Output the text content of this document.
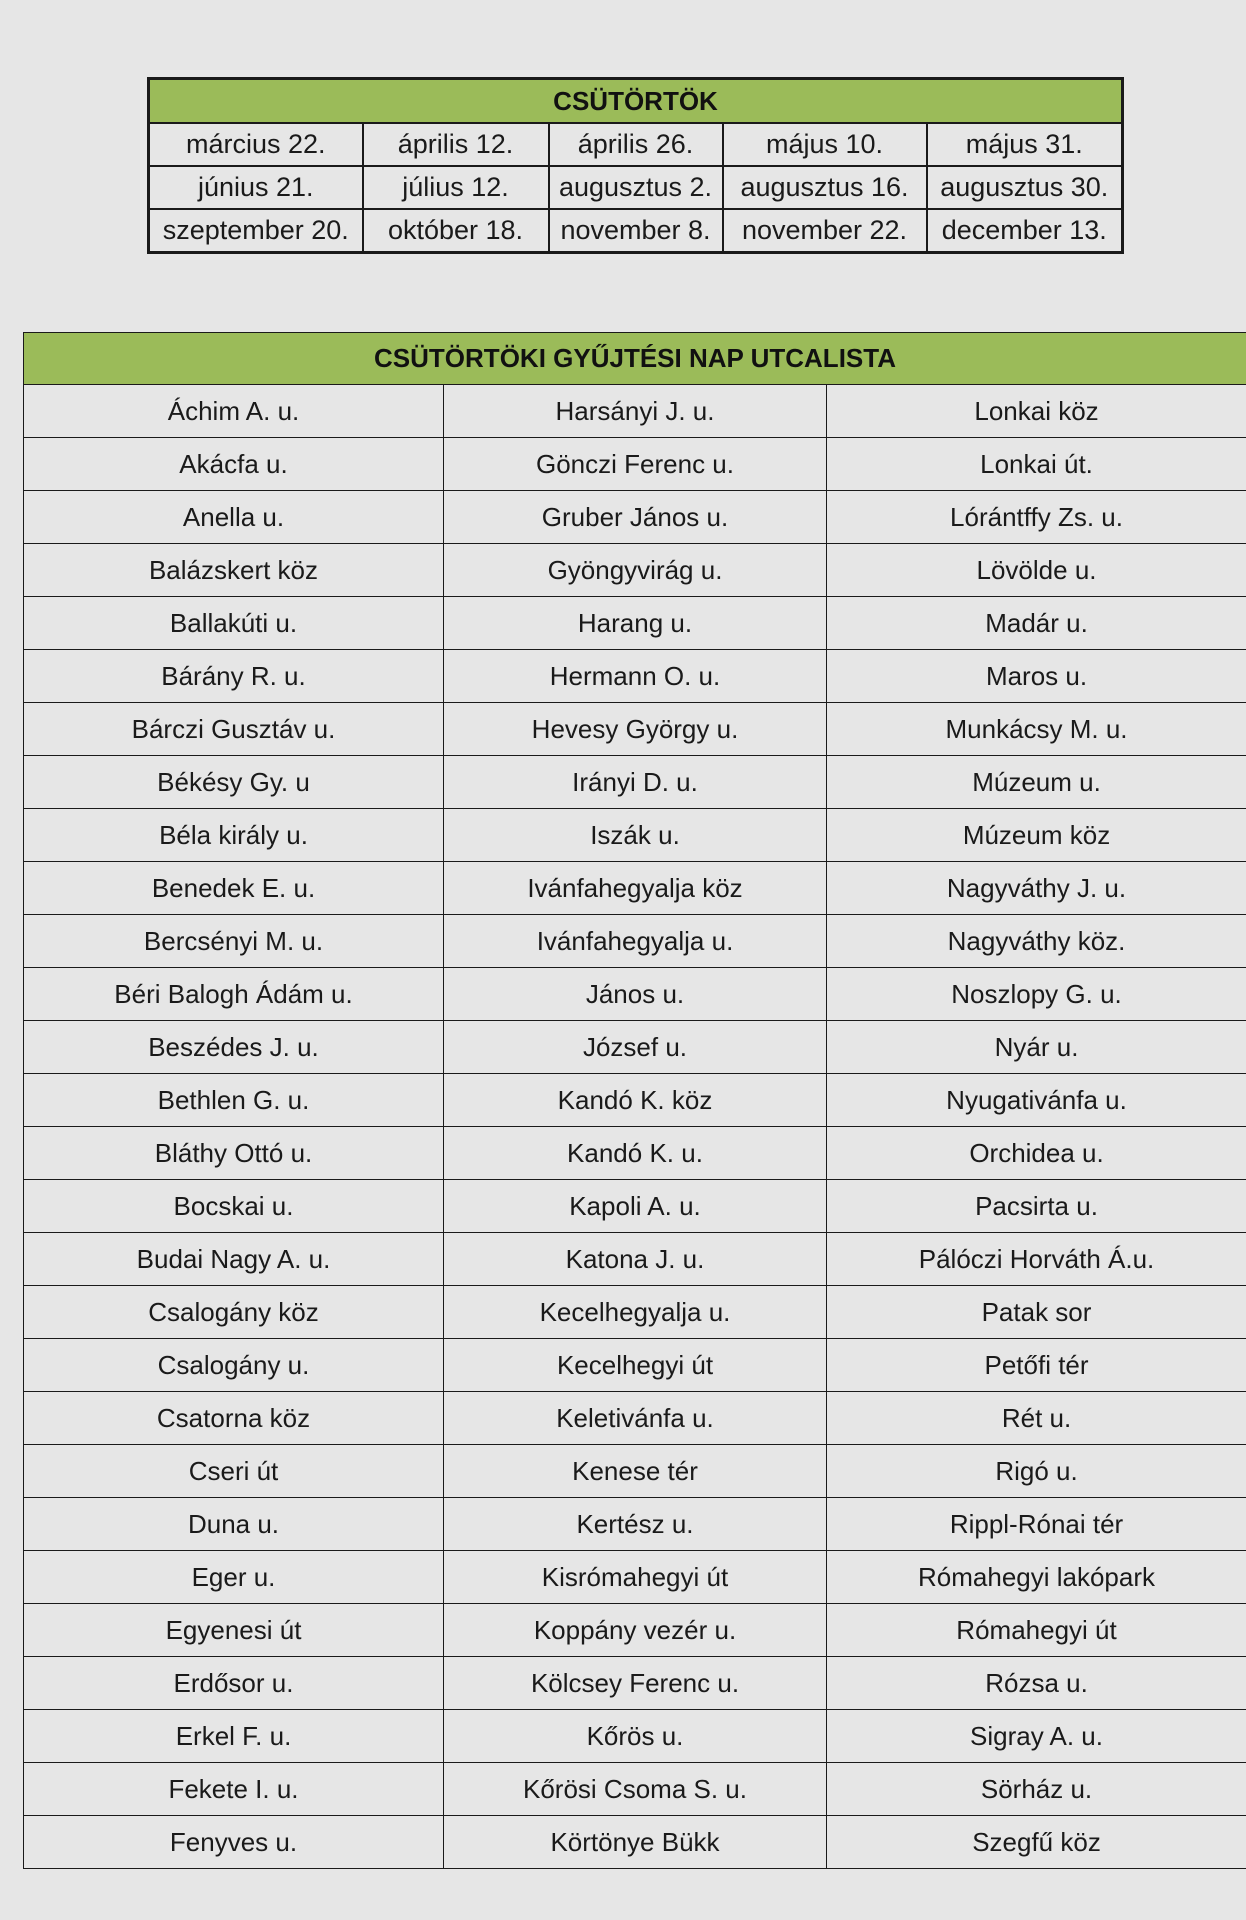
CSÜTÖRTÖK				
március 22.	április 12.	április 26.	május 10.	május 31.
június 21.	július 12.	augusztus 2.	augusztus 16.	augusztus 30.
szeptember 20.	október 18.	november 8.	november 22.	december 13.
CSÜTÖRTÖKI GYŰJTÉSI NAP UTCALISTA		
Áchim A. u.	Harsányi J. u.	Lonkai köz
Akácfa u.	Gönczi Ferenc u.	Lonkai út.
Anella u.	Gruber János u.	Lórántffy Zs. u.
Balázskert köz	Gyöngyvirág u.	Lövölde u.
Ballakúti u.	Harang u.	Madár u.
Bárány R. u.	Hermann O. u.	Maros u.
Bárczi Gusztáv u.	Hevesy György u.	Munkácsy M. u.
Békésy Gy. u	Irányi D. u.	Múzeum u.
Béla király u.	Iszák u.	Múzeum köz
Benedek E. u.	Ivánfahegyalja köz	Nagyváthy J. u.
Bercsényi M. u.	Ivánfahegyalja u.	Nagyváthy köz.
Béri Balogh Ádám u.	János u.	Noszlopy G. u.
Beszédes J. u.	József u.	Nyár u.
Bethlen G. u.	Kandó K. köz	Nyugativánfa u.
Bláthy Ottó u.	Kandó K. u.	Orchidea u.
Bocskai u.	Kapoli A. u.	Pacsirta u.
Budai Nagy A. u.	Katona J. u.	Pálóczi Horváth Á.u.
Csalogány köz	Kecelhegyalja u.	Patak sor
Csalogány u.	Kecelhegyi út	Petőfi tér
Csatorna köz	Keletivánfa u.	Rét u.
Cseri út	Kenese tér	Rigó u.
Duna u.	Kertész u.	Rippl-Rónai tér
Eger u.	Kisrómahegyi út	Rómahegyi lakópark
Egyenesi út	Koppány vezér u.	Rómahegyi út
Erdősor u.	Kölcsey Ferenc u.	Rózsa u.
Erkel F. u.	Kőrös u.	Sigray A. u.
Fekete I. u.	Kőrösi Csoma S. u.	Sörház u.
Fenyves u.	Körtönye Bükk	Szegfű köz
